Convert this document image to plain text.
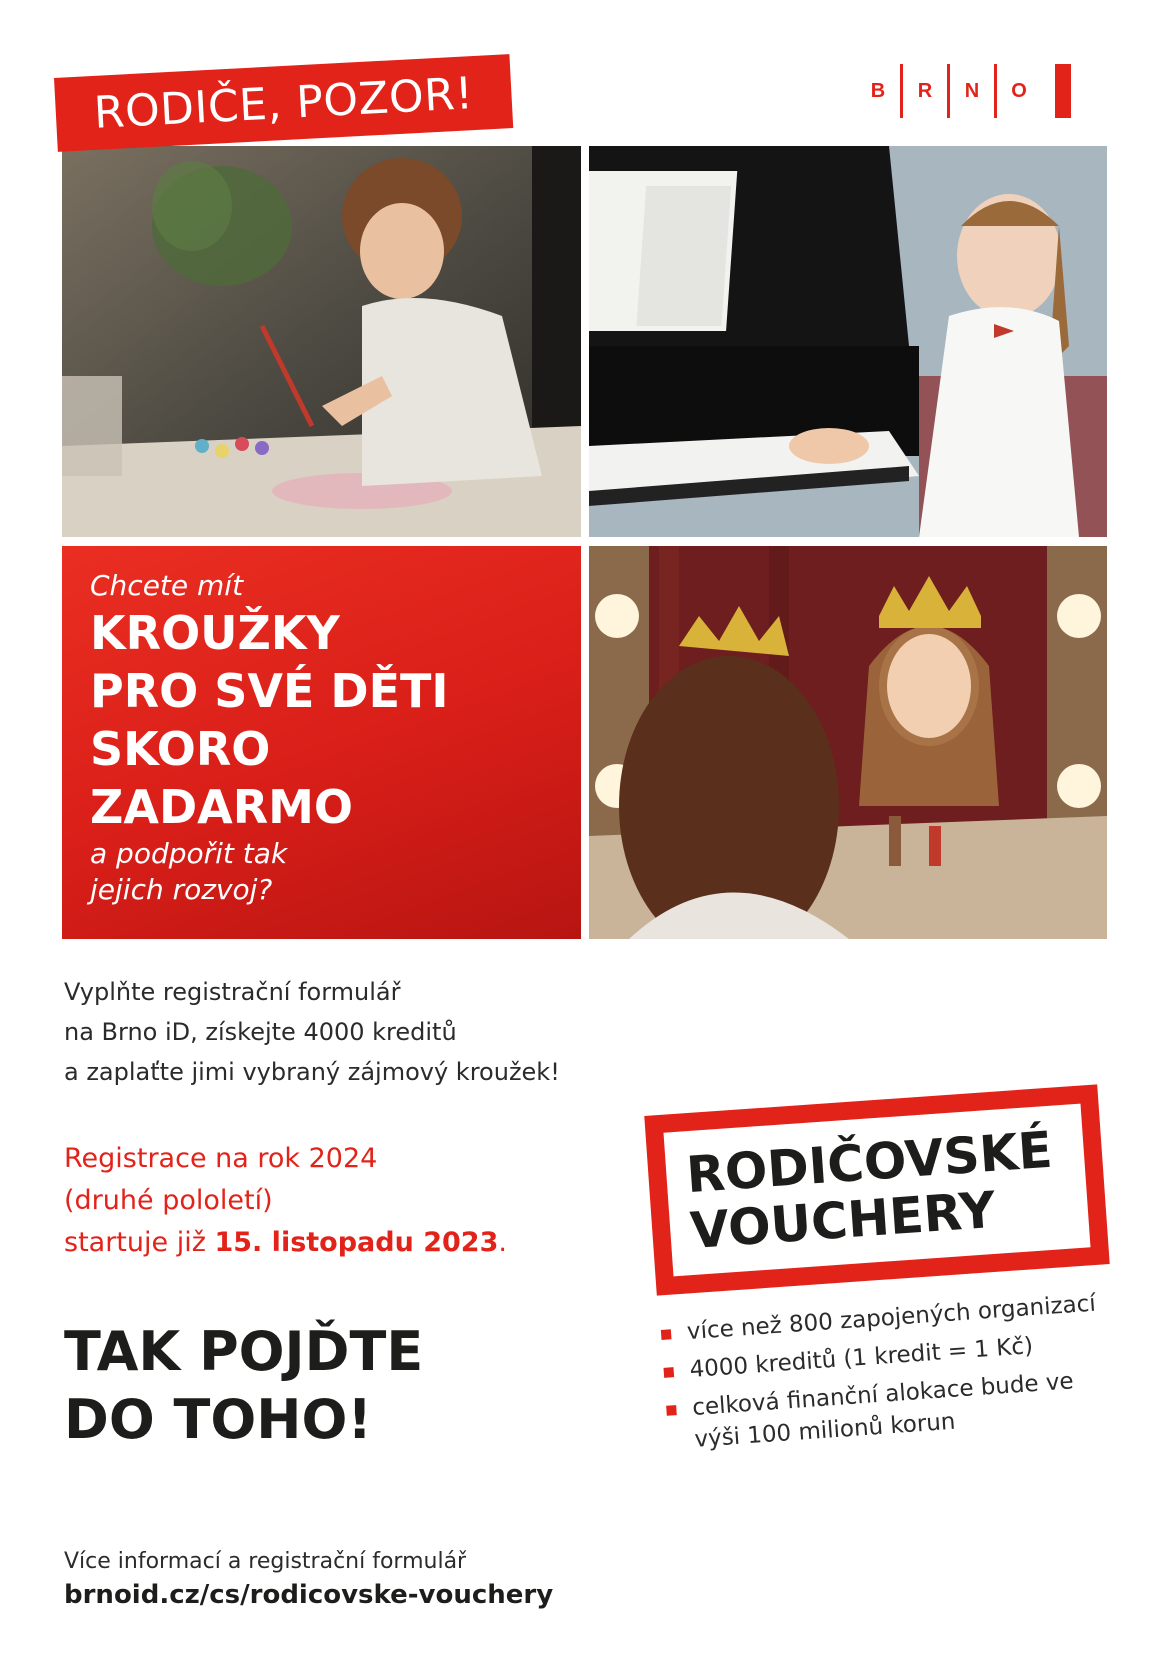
B	R	N	O
Chcete mít
KROUŽKY
PRO SVÉ DĚTI
SKORO
ZADARMO
a podpořit tak
jejich rozvoj?
Vyplňte registrační formulář
na Brno iD, získejte 4000 kreditů
a zaplaťte jimi vybraný zájmový kroužek!
Registrace na rok 2024
(druhé pololetí)
startuje již 15. listopadu 2023.
TAK POJĎTE
DO TOHO!
RODIČOVSKÉ
VOUCHERY
více než 800 zapojených organizací
4000 kreditů (1 kredit = 1 Kč)
celková finanční alokace bude ve výši 100 milionů korun
Více informací a registrační formulář
brnoid.cz/cs/rodicovske-vouchery
RODIČE, POZOR!
